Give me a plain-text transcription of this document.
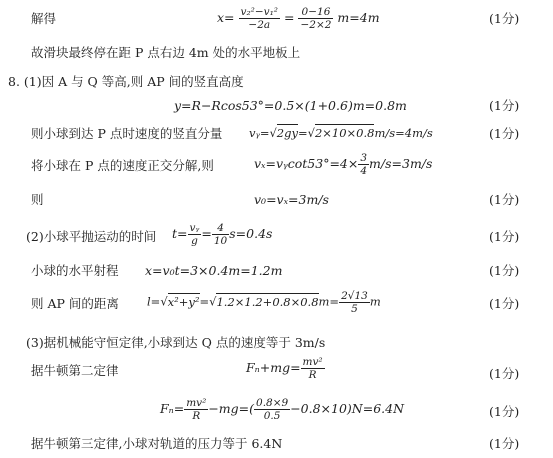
解得	$x= \frac{\text{v₂²−v₁²}}{-2a} = \frac{0-16}{-2\times 2} m=4m$	(1分)
故滑块最终停在距 P 点右边 4m 处的水平地板上
8. (1)因 A 与 Q 等高,则 AP 间的竖直高度
y=R−Rcos53°=0.5×(1+0.6)m=0.8m	(1分)
则小球到达 P 点时速度的竖直分量 vᵧ=√2gy=√2×10×0.8m/s=4m/s	(1分)
将小球在 P 点的速度正交分解,则	vₓ=vᵧcot53°=4× $\frac{3}{4} m/s=3m/s$
则	v₀=vₓ=3m/s	(1分)
(2)小球平抛运动的时间 $t= \frac{\text{vᵧ}}{g} = \frac{4}{10} s=0.4s$	(1分)
小球的水平射程 x=v₀t=3×0.4m=1.2m	(1分)
则 AP 间的距离 $l=√x^2+y^2=√1.2\times 1.2+0.8\times 0.8m= \frac{2√13}{5}$ m	(1分)
(3)据机械能守恒定律,小球到达 Q 点的速度等于 3m/s
据牛顿第二定律	$F_n+mg= \frac{\text{mv²}}{R}$	(1分)
$F_n= \frac{\text{mv²}}{R} -mg=( \frac{0.8\times 9}{0.5} -0.8\times 10)N=6.4N$	(1分)
据牛顿第三定律,小球对轨道的压力等于 6.4N	(1分)
